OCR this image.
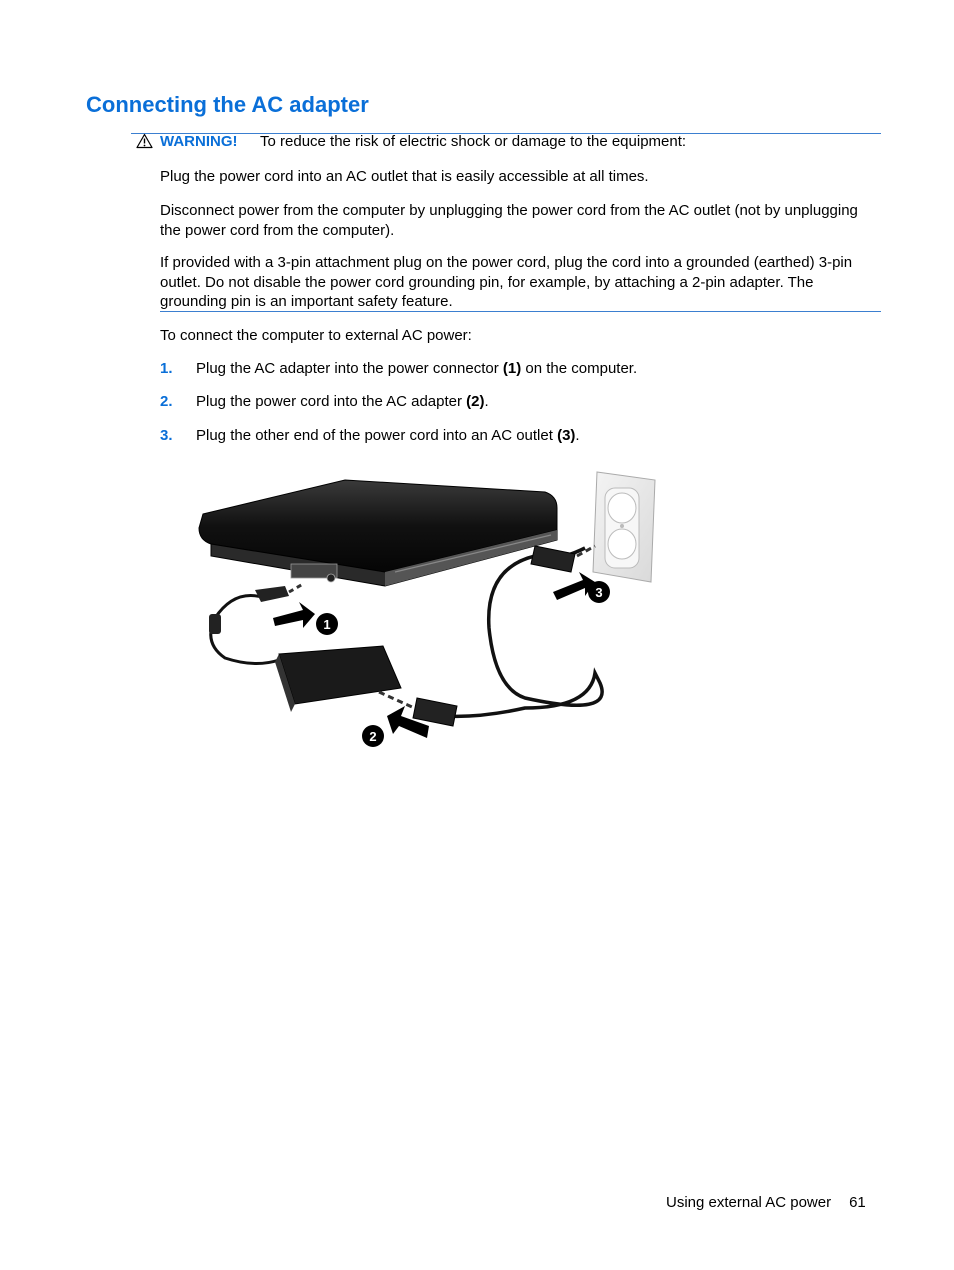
Connecting the AC adapter
WARNING! To reduce the risk of electric shock or damage to the equipment:

Plug the power cord into an AC outlet that is easily accessible at all times.

Disconnect power from the computer by unplugging the power cord from the AC outlet (not by unplugging the power cord from the computer).

If provided with a 3-pin attachment plug on the power cord, plug the cord into a grounded (earthed) 3-pin outlet. Do not disable the power cord grounding pin, for example, by attaching a 2-pin adapter. The grounding pin is an important safety feature.

To connect the computer to external AC power:

1. Plug the AC adapter into the power connector (1) on the computer.
2. Plug the power cord into the AC adapter (2).
3. Plug the other end of the power cord into an AC outlet (3).
1
2
3
Using external AC power 61
